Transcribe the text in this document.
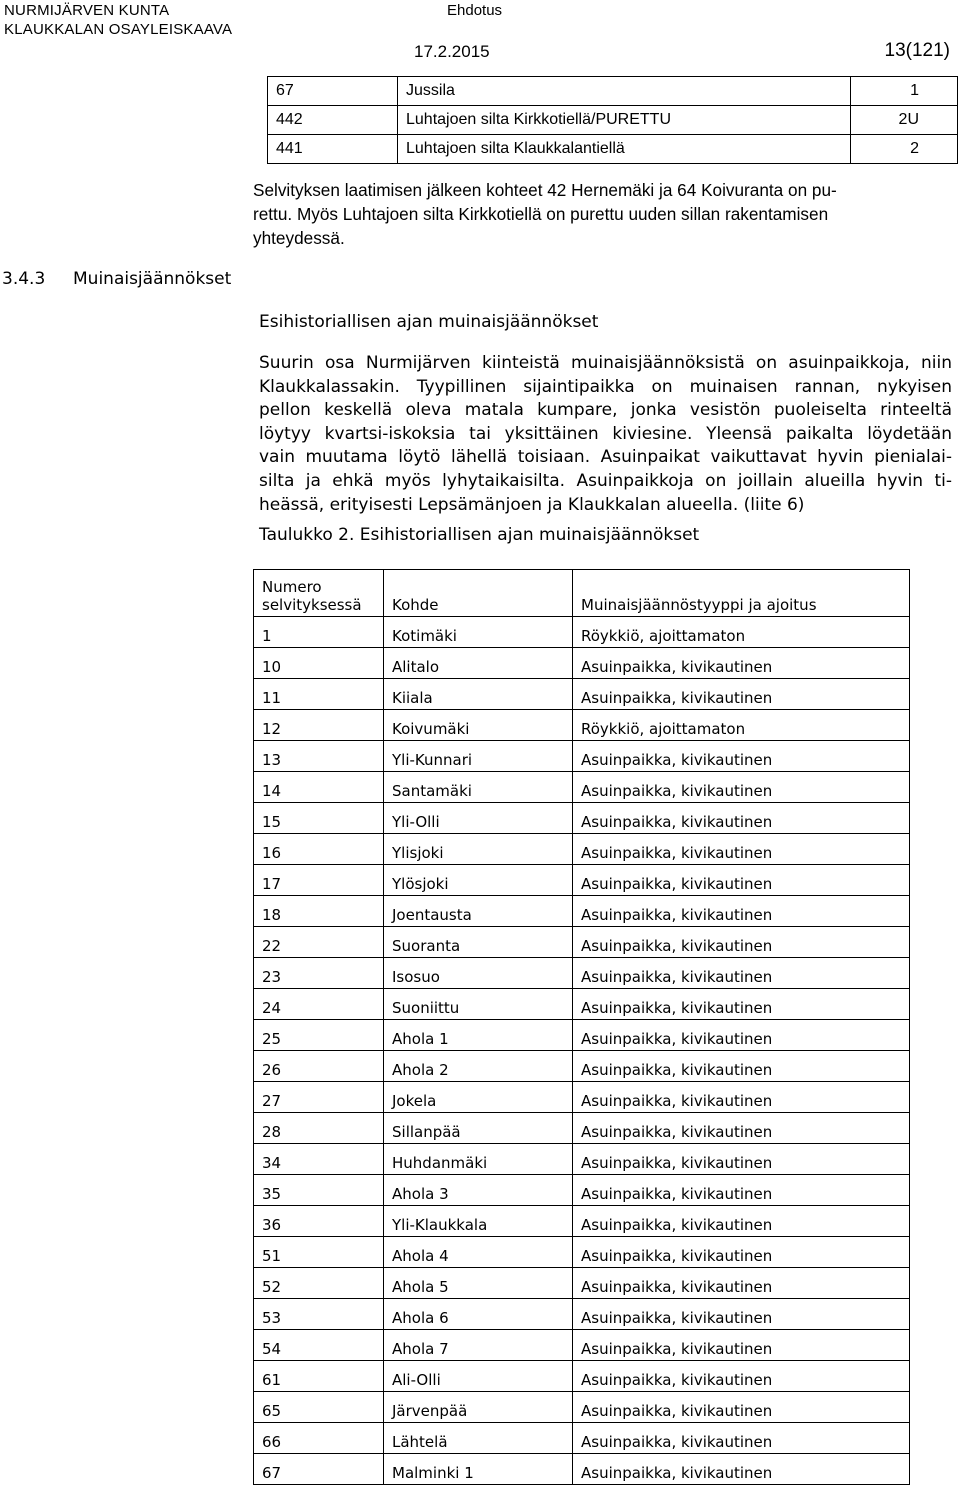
NURMIJÄRVEN KUNTA
KLAUKKALAN OSAYLEISKAAVA
Ehdotus
17.2.2015	13(121)
67	Jussila	1
442	Luhtajoen silta Kirkkotiellä/PURETTU	2U
441	Luhtajoen silta Klaukkalantiellä	2
Selvityksen laatimisen jälkeen kohteet 42 Hernemäki ja 64 Koivuranta on pu-
rettu. Myös Luhtajoen silta Kirkkotiellä on purettu uuden sillan rakentamisen
yhteydessä.
3.4.3 Muinaisjäännökset
Esihistoriallisen ajan muinaisjäännökset
Suurin osa Nurmijärven kiinteistä muinaisjäännöksistä on asuinpaikkoja, niin
Klaukkalassakin. Tyypillinen sijaintipaikka on muinaisen rannan, nykyisen
pellon keskellä oleva matala kumpare, jonka vesistön puoleiselta rinteeltä
löytyy kvartsi-iskoksia tai yksittäinen kiviesine. Yleensä paikalta löydetään
vain muutama löytö lähellä toisiaan. Asuinpaikat vaikuttavat hyvin pienialai-
silta ja ehkä myös lyhytaikaisilta. Asuinpaikkoja on joillain alueilla hyvin ti-
heässä, erityisesti Lepsämänjoen ja Klaukkalan alueella. (liite 6)
Taulukko 2. Esihistoriallisen ajan muinaisjäännökset
Numero
selvityksessä	Kohde	Muinaisjäännöstyyppi ja ajoitus
1	Kotimäki	Röykkiö, ajoittamaton
10	Alitalo	Asuinpaikka, kivikautinen
11	Kiiala	Asuinpaikka, kivikautinen
12	Koivumäki	Röykkiö, ajoittamaton
13	Yli-Kunnari	Asuinpaikka, kivikautinen
14	Santamäki	Asuinpaikka, kivikautinen
15	Yli-Olli	Asuinpaikka, kivikautinen
16	Ylisjoki	Asuinpaikka, kivikautinen
17	Ylösjoki	Asuinpaikka, kivikautinen
18	Joentausta	Asuinpaikka, kivikautinen
22	Suoranta	Asuinpaikka, kivikautinen
23	Isosuo	Asuinpaikka, kivikautinen
24	Suoniittu	Asuinpaikka, kivikautinen
25	Ahola 1	Asuinpaikka, kivikautinen
26	Ahola 2	Asuinpaikka, kivikautinen
27	Jokela	Asuinpaikka, kivikautinen
28	Sillanpää	Asuinpaikka, kivikautinen
34	Huhdanmäki	Asuinpaikka, kivikautinen
35	Ahola 3	Asuinpaikka, kivikautinen
36	Yli-Klaukkala	Asuinpaikka, kivikautinen
51	Ahola 4	Asuinpaikka, kivikautinen
52	Ahola 5	Asuinpaikka, kivikautinen
53	Ahola 6	Asuinpaikka, kivikautinen
54	Ahola 7	Asuinpaikka, kivikautinen
61	Ali-Olli	Asuinpaikka, kivikautinen
65	Järvenpää	Asuinpaikka, kivikautinen
66	Lähtelä	Asuinpaikka, kivikautinen
67	Malminki 1	Asuinpaikka, kivikautinen
